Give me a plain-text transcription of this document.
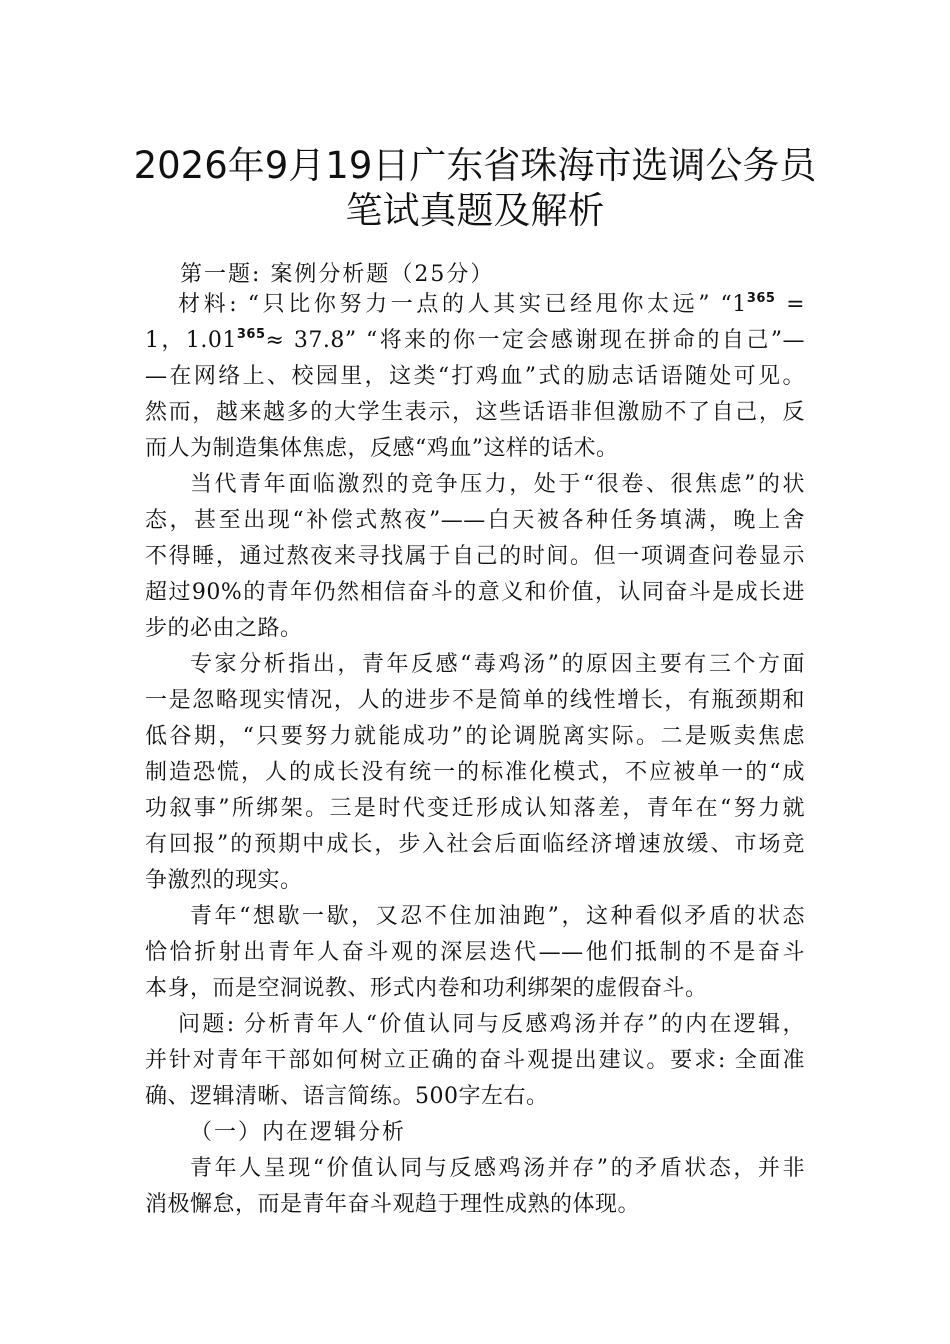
2026年9月19日广东省珠海市选调公务员
笔试真题及解析
第一题: 案例分析题（25分）
材料: “只比你努力一点的人其实已经甩你太远” “$1^{365}$ =
1，$1.01^{365}\approx 37.8$” “将来的你一定会感谢现在拼命的自己”—
—在网络上、校园里，这类“打鸡血”式的励志话语随处可见。
然而，越来越多的大学生表示，这些话语非但激励不了自己，反
而人为制造集体焦虑，反感“鸡血”这样的话术。
当代青年面临激烈的竞争压力，处于“很卷、很焦虑”的状
态，甚至出现“补偿式熬夜”——白天被各种任务填满，晚上舍
不得睡，通过熬夜来寻找属于自己的时间。但一项调查问卷显示
超过90%的青年仍然相信奋斗的意义和价值，认同奋斗是成长进
步的必由之路。
专家分析指出，青年反感“毒鸡汤”的原因主要有三个方面
一是忽略现实情况，人的进步不是简单的线性增长，有瓶颈期和
低谷期，“只要努力就能成功”的论调脱离实际。二是贩卖焦虑
制造恐慌，人的成长没有统一的标准化模式，不应被单一的“成
功叙事”所绑架。三是时代变迁形成认知落差，青年在“努力就
有回报”的预期中成长，步入社会后面临经济增速放缓、市场竞
争激烈的现实。
青年“想歇一歇，又忍不住加油跑”，这种看似矛盾的状态
恰恰折射出青年人奋斗观的深层迭代——他们抵制的不是奋斗
本身，而是空洞说教、形式内卷和功利绑架的虚假奋斗。
问题: 分析青年人“价值认同与反感鸡汤并存”的内在逻辑，
并针对青年干部如何树立正确的奋斗观提出建议。要求: 全面准
确、逻辑清晰、语言简练。500字左右。
（一）内在逻辑分析
青年人呈现“价值认同与反感鸡汤并存”的矛盾状态，并非
消极懈怠，而是青年奋斗观趋于理性成熟的体现。
